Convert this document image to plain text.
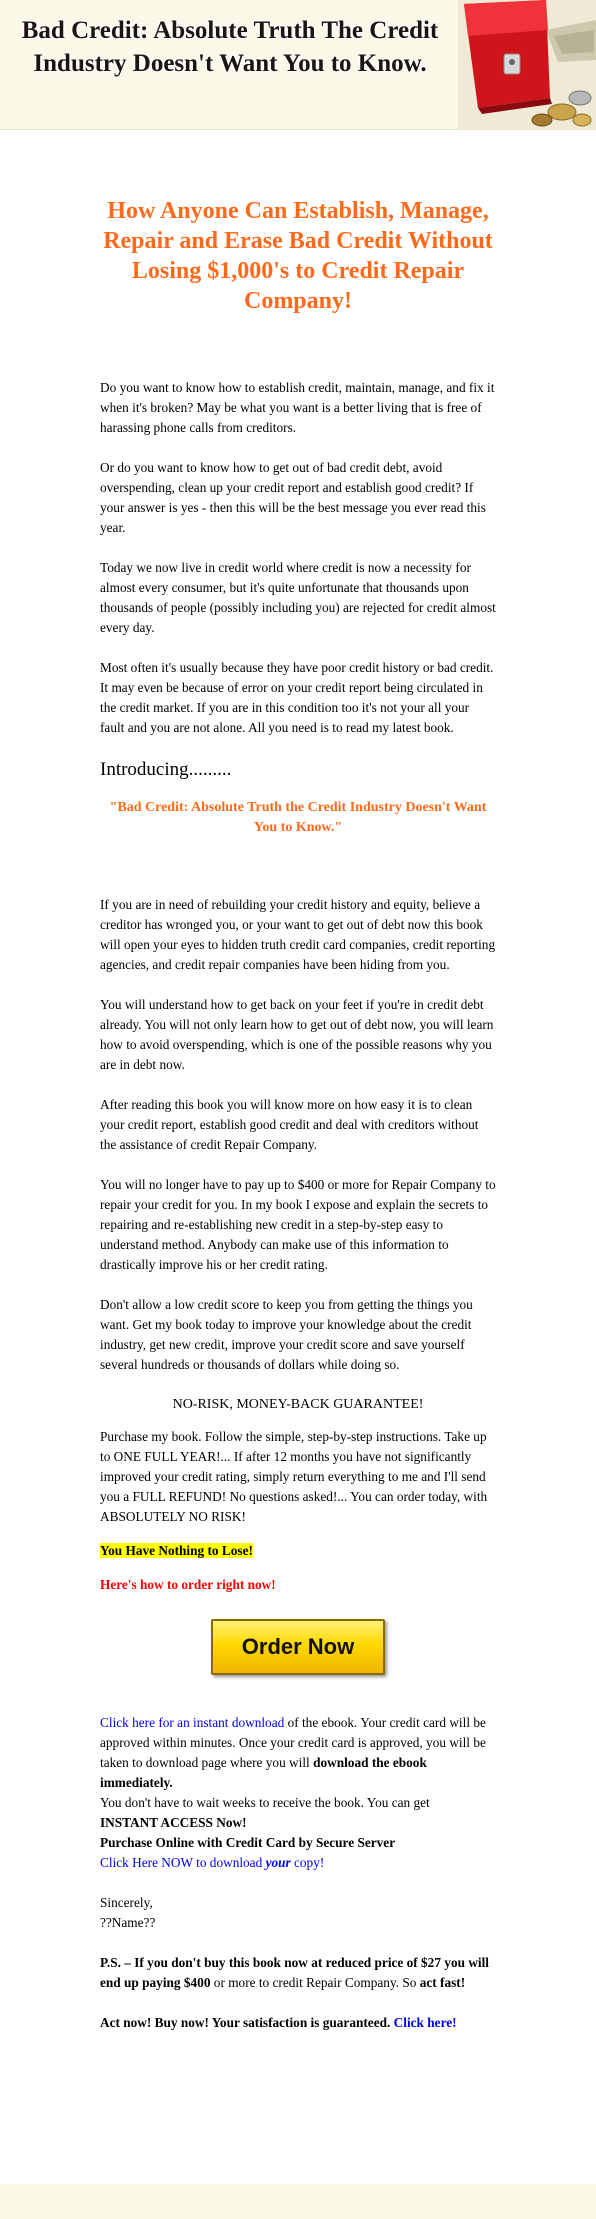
Bad Credit: Absolute Truth The Credit Industry Doesn't Want You to Know.
How Anyone Can Establish, Manage, Repair and Erase Bad Credit Without Losing $1,000's to Credit Repair Company!

Do you want to know how to establish credit, maintain, manage, and fix it when it's broken? May be what you want is a better living that is free of harassing phone calls from creditors.

Or do you want to know how to get out of bad credit debt, avoid overspending, clean up your credit report and establish good credit? If your answer is yes - then this will be the best message you ever read this year.

Today we now live in credit world where credit is now a necessity for almost every consumer, but it's quite unfortunate that thousands upon thousands of people (possibly including you) are rejected for credit almost every day.

Most often it's usually because they have poor credit history or bad credit. It may even be because of error on your credit report being circulated in the credit market. If you are in this condition too it's not your all your fault and you are not alone. All you need is to read my latest book.

Introducing.........
"Bad Credit: Absolute Truth the Credit Industry Doesn't Want You to Know."

If you are in need of rebuilding your credit history and equity, believe a creditor has wronged you, or your want to get out of debt now this book will open your eyes to hidden truth credit card companies, credit reporting agencies, and credit repair companies have been hiding from you.

You will understand how to get back on your feet if you're in credit debt already. You will not only learn how to get out of debt now, you will learn how to avoid overspending, which is one of the possible reasons why you are in debt now.

After reading this book you will know more on how easy it is to clean your credit report, establish good credit and deal with creditors without the assistance of credit Repair Company.

You will no longer have to pay up to $400 or more for Repair Company to repair your credit for you. In my book I expose and explain the secrets to repairing and re-establishing new credit in a step-by-step easy to understand method. Anybody can make use of this information to drastically improve his or her credit rating.

Don't allow a low credit score to keep you from getting the things you want. Get my book today to improve your knowledge about the credit industry, get new credit, improve your credit score and save yourself several hundreds or thousands of dollars while doing so.

NO-RISK, MONEY-BACK GUARANTEE!

Purchase my book. Follow the simple, step-by-step instructions. Take up to ONE FULL YEAR!... If after 12 months you have not significantly improved your credit rating, simply return everything to me and I'll send you a FULL REFUND! No questions asked!... You can order today, with ABSOLUTELY NO RISK!

You Have Nothing to Lose!

Here's how to order right now!

Order Now

Click here for an instant download of the ebook. Your credit card will be approved within minutes. Once your credit card is approved, you will be taken to download page where you will download the ebook immediately.
You don't have to wait weeks to receive the book. You can get
INSTANT ACCESS Now!
Purchase Online with Credit Card by Secure Server
Click Here NOW to download your copy!

Sincerely,
??Name??

P.S. – If you don't buy this book now at reduced price of $27 you will end up paying $400 or more to credit Repair Company. So act fast!

Act now! Buy now! Your satisfaction is guaranteed. Click here!
